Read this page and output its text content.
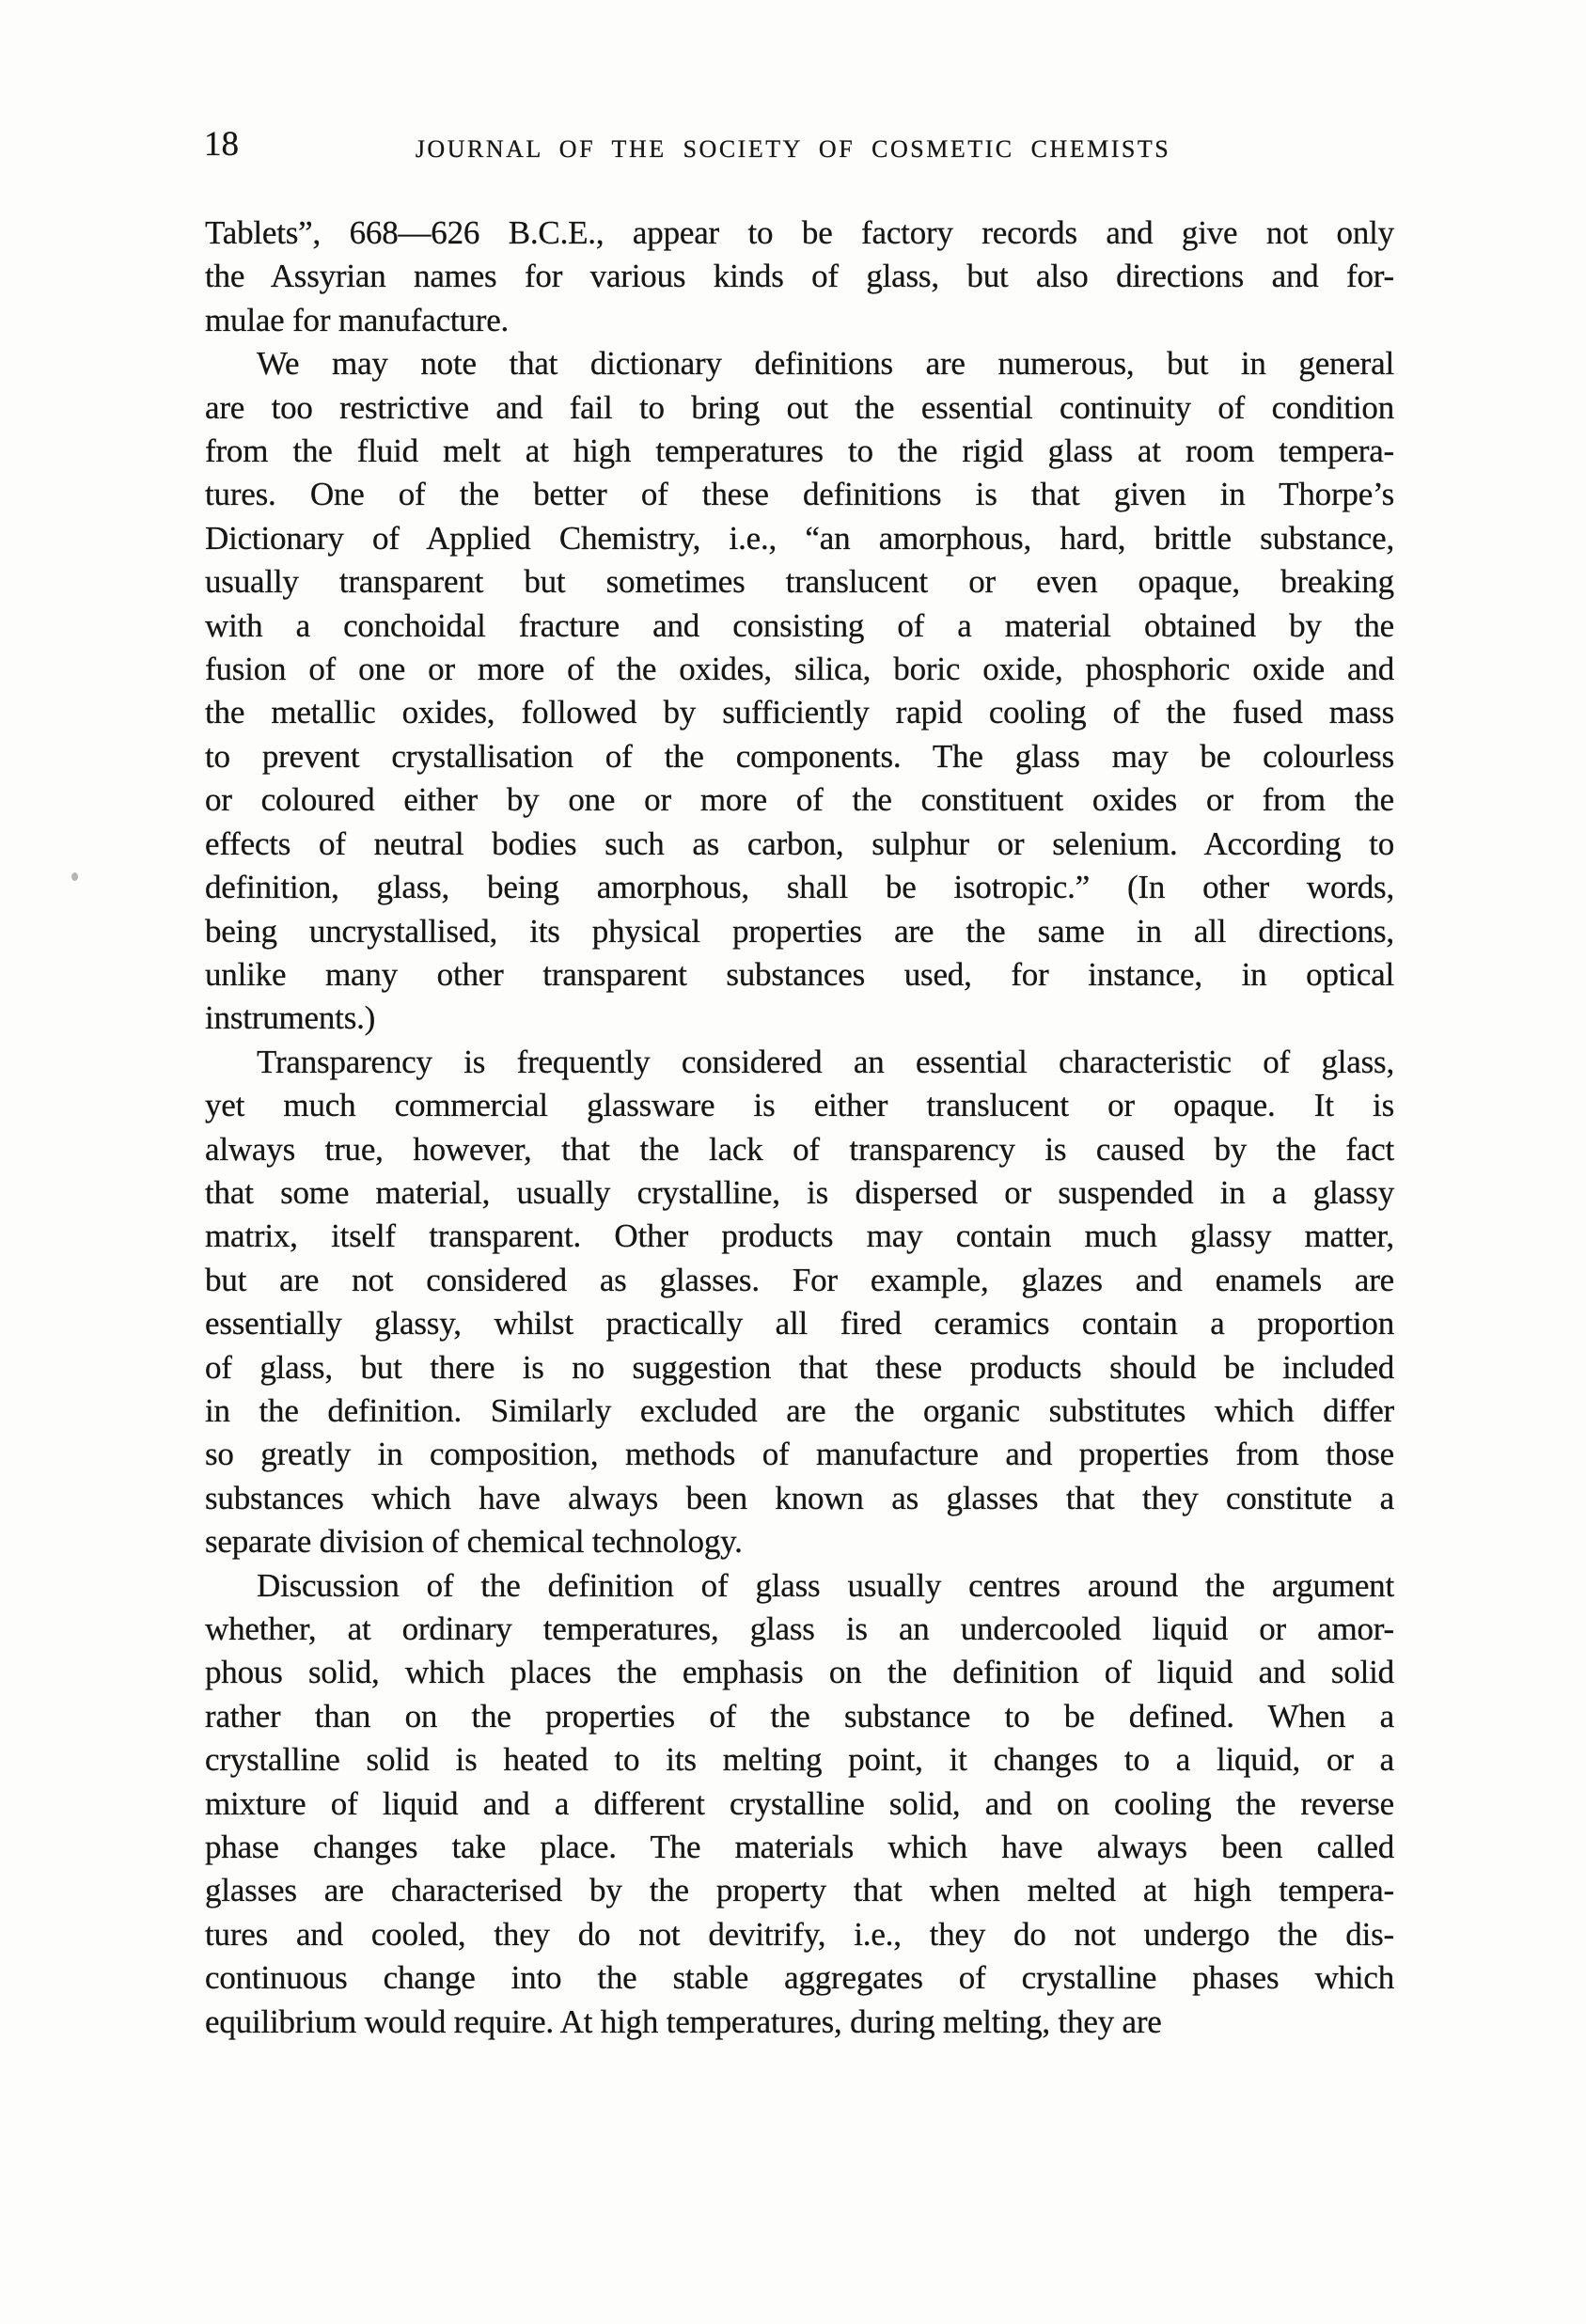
18	JOURNAL OF THE SOCIETY OF COSMETIC CHEMISTS
Tablets”, 668—626 B.C.E., appear to be factory records and give not only
the Assyrian names for various kinds of glass, but also directions and for-
mulae for manufacture.
We may note that dictionary definitions are numerous, but in general
are too restrictive and fail to bring out the essential continuity of condition
from the fluid melt at high temperatures to the rigid glass at room tempera-
tures. One of the better of these definitions is that given in Thorpe’s
Dictionary of Applied Chemistry, i.e., “an amorphous, hard, brittle substance,
usually transparent but sometimes translucent or even opaque, breaking
with a conchoidal fracture and consisting of a material obtained by the
fusion of one or more of the oxides, silica, boric oxide, phosphoric oxide and
the metallic oxides, followed by sufficiently rapid cooling of the fused mass
to prevent crystallisation of the components. The glass may be colourless
or coloured either by one or more of the constituent oxides or from the
effects of neutral bodies such as carbon, sulphur or selenium. According to
definition, glass, being amorphous, shall be isotropic.” (In other words,
being uncrystallised, its physical properties are the same in all directions,
unlike many other transparent substances used, for instance, in optical
instruments.)
Transparency is frequently considered an essential characteristic of glass,
yet much commercial glassware is either translucent or opaque. It is
always true, however, that the lack of transparency is caused by the fact
that some material, usually crystalline, is dispersed or suspended in a glassy
matrix, itself transparent. Other products may contain much glassy matter,
but are not considered as glasses. For example, glazes and enamels are
essentially glassy, whilst practically all fired ceramics contain a proportion
of glass, but there is no suggestion that these products should be included
in the definition. Similarly excluded are the organic substitutes which differ
so greatly in composition, methods of manufacture and properties from those
substances which have always been known as glasses that they constitute a
separate division of chemical technology.
Discussion of the definition of glass usually centres around the argument
whether, at ordinary temperatures, glass is an undercooled liquid or amor-
phous solid, which places the emphasis on the definition of liquid and solid
rather than on the properties of the substance to be defined. When a
crystalline solid is heated to its melting point, it changes to a liquid, or a
mixture of liquid and a different crystalline solid, and on cooling the reverse
phase changes take place. The materials which have always been called
glasses are characterised by the property that when melted at high tempera-
tures and cooled, they do not devitrify, i.e., they do not undergo the dis-
continuous change into the stable aggregates of crystalline phases which
equilibrium would require. At high temperatures, during melting, they are
